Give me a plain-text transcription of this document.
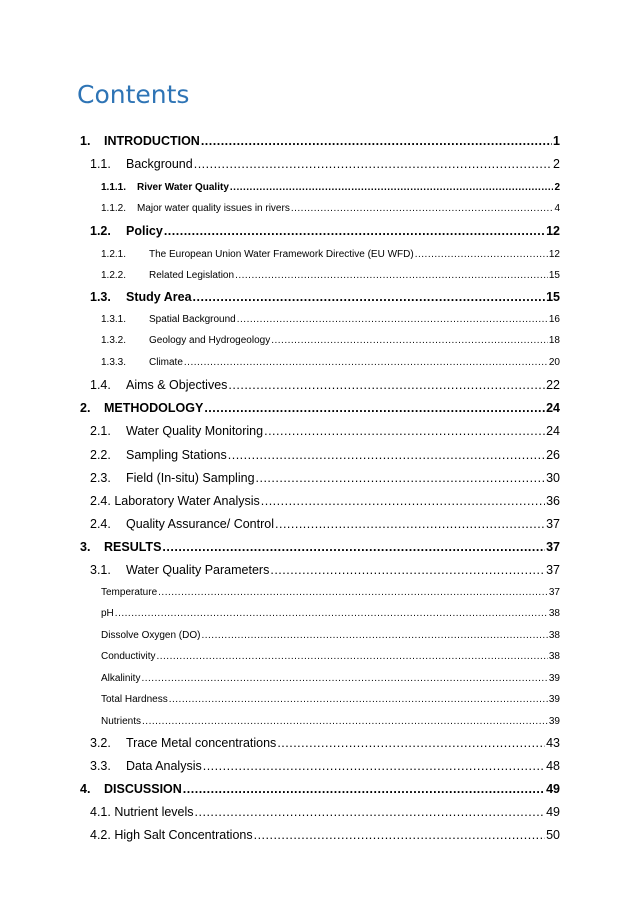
Contents
1.	INTRODUCTION .....	1
1.1.	Background .....	2
1.1.1.	River Water Quality .....	2
1.1.2.	Major water quality issues in rivers .....	4
1.2.	Policy .....	12
1.2.1.	The European Union Water Framework Directive (EU WFD) .....	12
1.2.2.	Related Legislation .....	15
1.3.	Study Area .....	15
1.3.1.	Spatial Background .....	16
1.3.2.	Geology and Hydrogeology .....	18
1.3.3.	Climate .....	20
1.4.	Aims & Objectives .....	22
2.	METHODOLOGY .....	24
2.1.	Water Quality Monitoring .....	24
2.2.	Sampling Stations .....	26
2.3.	Field (In-situ) Sampling .....	30
2.4. Laboratory Water Analysis .....	36
2.4.	Quality Assurance/ Control .....	37
3.	RESULTS .....	37
3.1.	Water Quality Parameters .....	37
Temperature .....	37
pH .....	38
Dissolve Oxygen (DO) .....	38
Conductivity .....	38
Alkalinity .....	39
Total Hardness .....	39
Nutrients .....	39
3.2.	Trace Metal concentrations .....	43
3.3.	Data Analysis .....	48
4.	DISCUSSION .....	49
4.1. Nutrient levels .....	49
4.2. High Salt Concentrations .....	50
